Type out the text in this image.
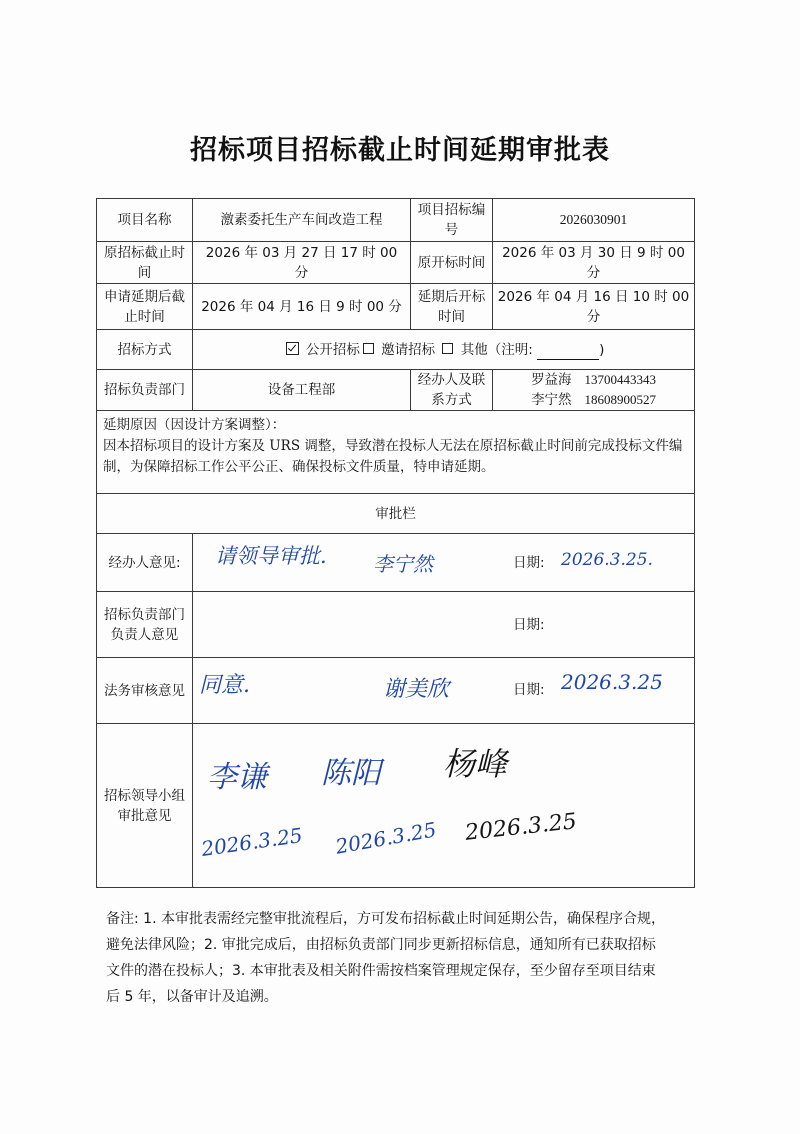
招标项目招标截止时间延期审批表
项目名称	激素委托生产车间改造工程	项目招标编号	2026030901
原招标截止时间	2026 年 03 月 27 日 17 时 00 分	原开标时间	2026 年 03 月 30 日 9 时 00 分
申请延期后截止时间	2026 年 04 月 16 日 9 时 00 分	延期后开标时间	2026 年 04 月 16 日 10 时 00 分
招标方式	公开招标 邀请招标 其他（注明: )		
招标负责部门	设备工程部	经办人及联系方式	罗益海 13700443343
李宁然 18608900527

延期原因（因设计方案调整）：
因本招标项目的设计方案及 URS 调整，导致潜在投标人无法在原招标截止时间前完成投标文件编制，为保障招标工作公平公正、确保投标文件质量，特申请延期。			

审批栏			
经办人意见:	请领导审批. 李宁然 日期: 2026.3.25.		

招标负责部门负责人意见	日期:		

法务审核意见	同意. 谢美欣 日期: 2026.3.25		

招标领导小组审批意见	
李谦 陈阳 杨峰
2026.3.25 2026.3.25 2026.3.25
备注: 1. 本审批表需经完整审批流程后，方可发布招标截止时间延期公告，确保程序合规，避免法律风险；2. 审批完成后，由招标负责部门同步更新招标信息，通知所有已获取招标文件的潜在投标人；3. 本审批表及相关附件需按档案管理规定保存，至少留存至项目结束后 5 年，以备审计及追溯。
